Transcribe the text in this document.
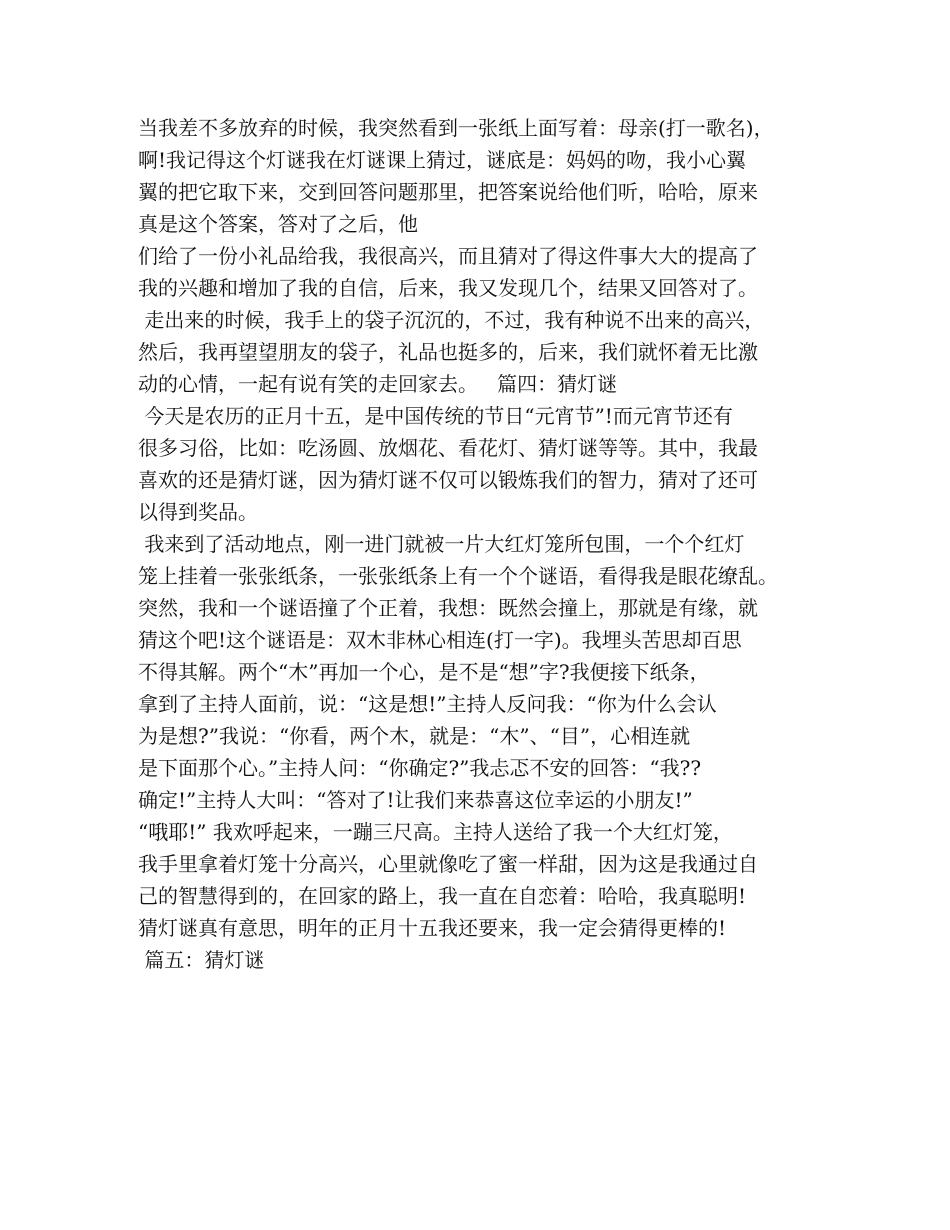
当我差不多放弃的时候，我突然看到一张纸上面写着：母亲(打一歌名)，
啊!我记得这个灯谜我在灯谜课上猜过，谜底是：妈妈的吻，我小心翼
翼的把它取下来，交到回答问题那里，把答案说给他们听，哈哈，原来
真是这个答案，答对了之后，他
们给了一份小礼品给我，我很高兴，而且猜对了得这件事大大的提高了
我的兴趣和增加了我的自信，后来，我又发现几个，结果又回答对了。
走出来的时候，我手上的袋子沉沉的，不过，我有种说不出来的高兴，
然后，我再望望朋友的袋子，礼品也挺多的，后来，我们就怀着无比激
动的心情，一起有说有笑的走回家去。   篇四：猜灯谜
今天是农历的正月十五，是中国传统的节日“元宵节”!而元宵节还有
很多习俗，比如：吃汤圆、放烟花、看花灯、猜灯谜等等。其中，我最
喜欢的还是猜灯谜，因为猜灯谜不仅可以锻炼我们的智力，猜对了还可
以得到奖品。
我来到了活动地点，刚一进门就被一片大红灯笼所包围，一个个红灯
笼上挂着一张张纸条，一张张纸条上有一个个谜语，看得我是眼花缭乱。
突然，我和一个谜语撞了个正着，我想：既然会撞上，那就是有缘，就
猜这个吧!这个谜语是：双木非林心相连(打一字)。我埋头苦思却百思
不得其解。两个“木”再加一个心，是不是“想”字?我便接下纸条，
拿到了主持人面前，说：“这是想!”主持人反问我：“你为什么会认
为是想?”我说：“你看，两个木，就是：“木”、“目”，心相连就
是下面那个心。”主持人问：“你确定?”我忐忑不安的回答：“我??
确定!”主持人大叫：“答对了!让我们来恭喜这位幸运的小朋友!”
“哦耶!” 我欢呼起来，一蹦三尺高。主持人送给了我一个大红灯笼，
我手里拿着灯笼十分高兴，心里就像吃了蜜一样甜，因为这是我通过自
己的智慧得到的，在回家的路上，我一直在自恋着：哈哈，我真聪明!
猜灯谜真有意思，明年的正月十五我还要来，我一定会猜得更棒的!
篇五：猜灯谜
